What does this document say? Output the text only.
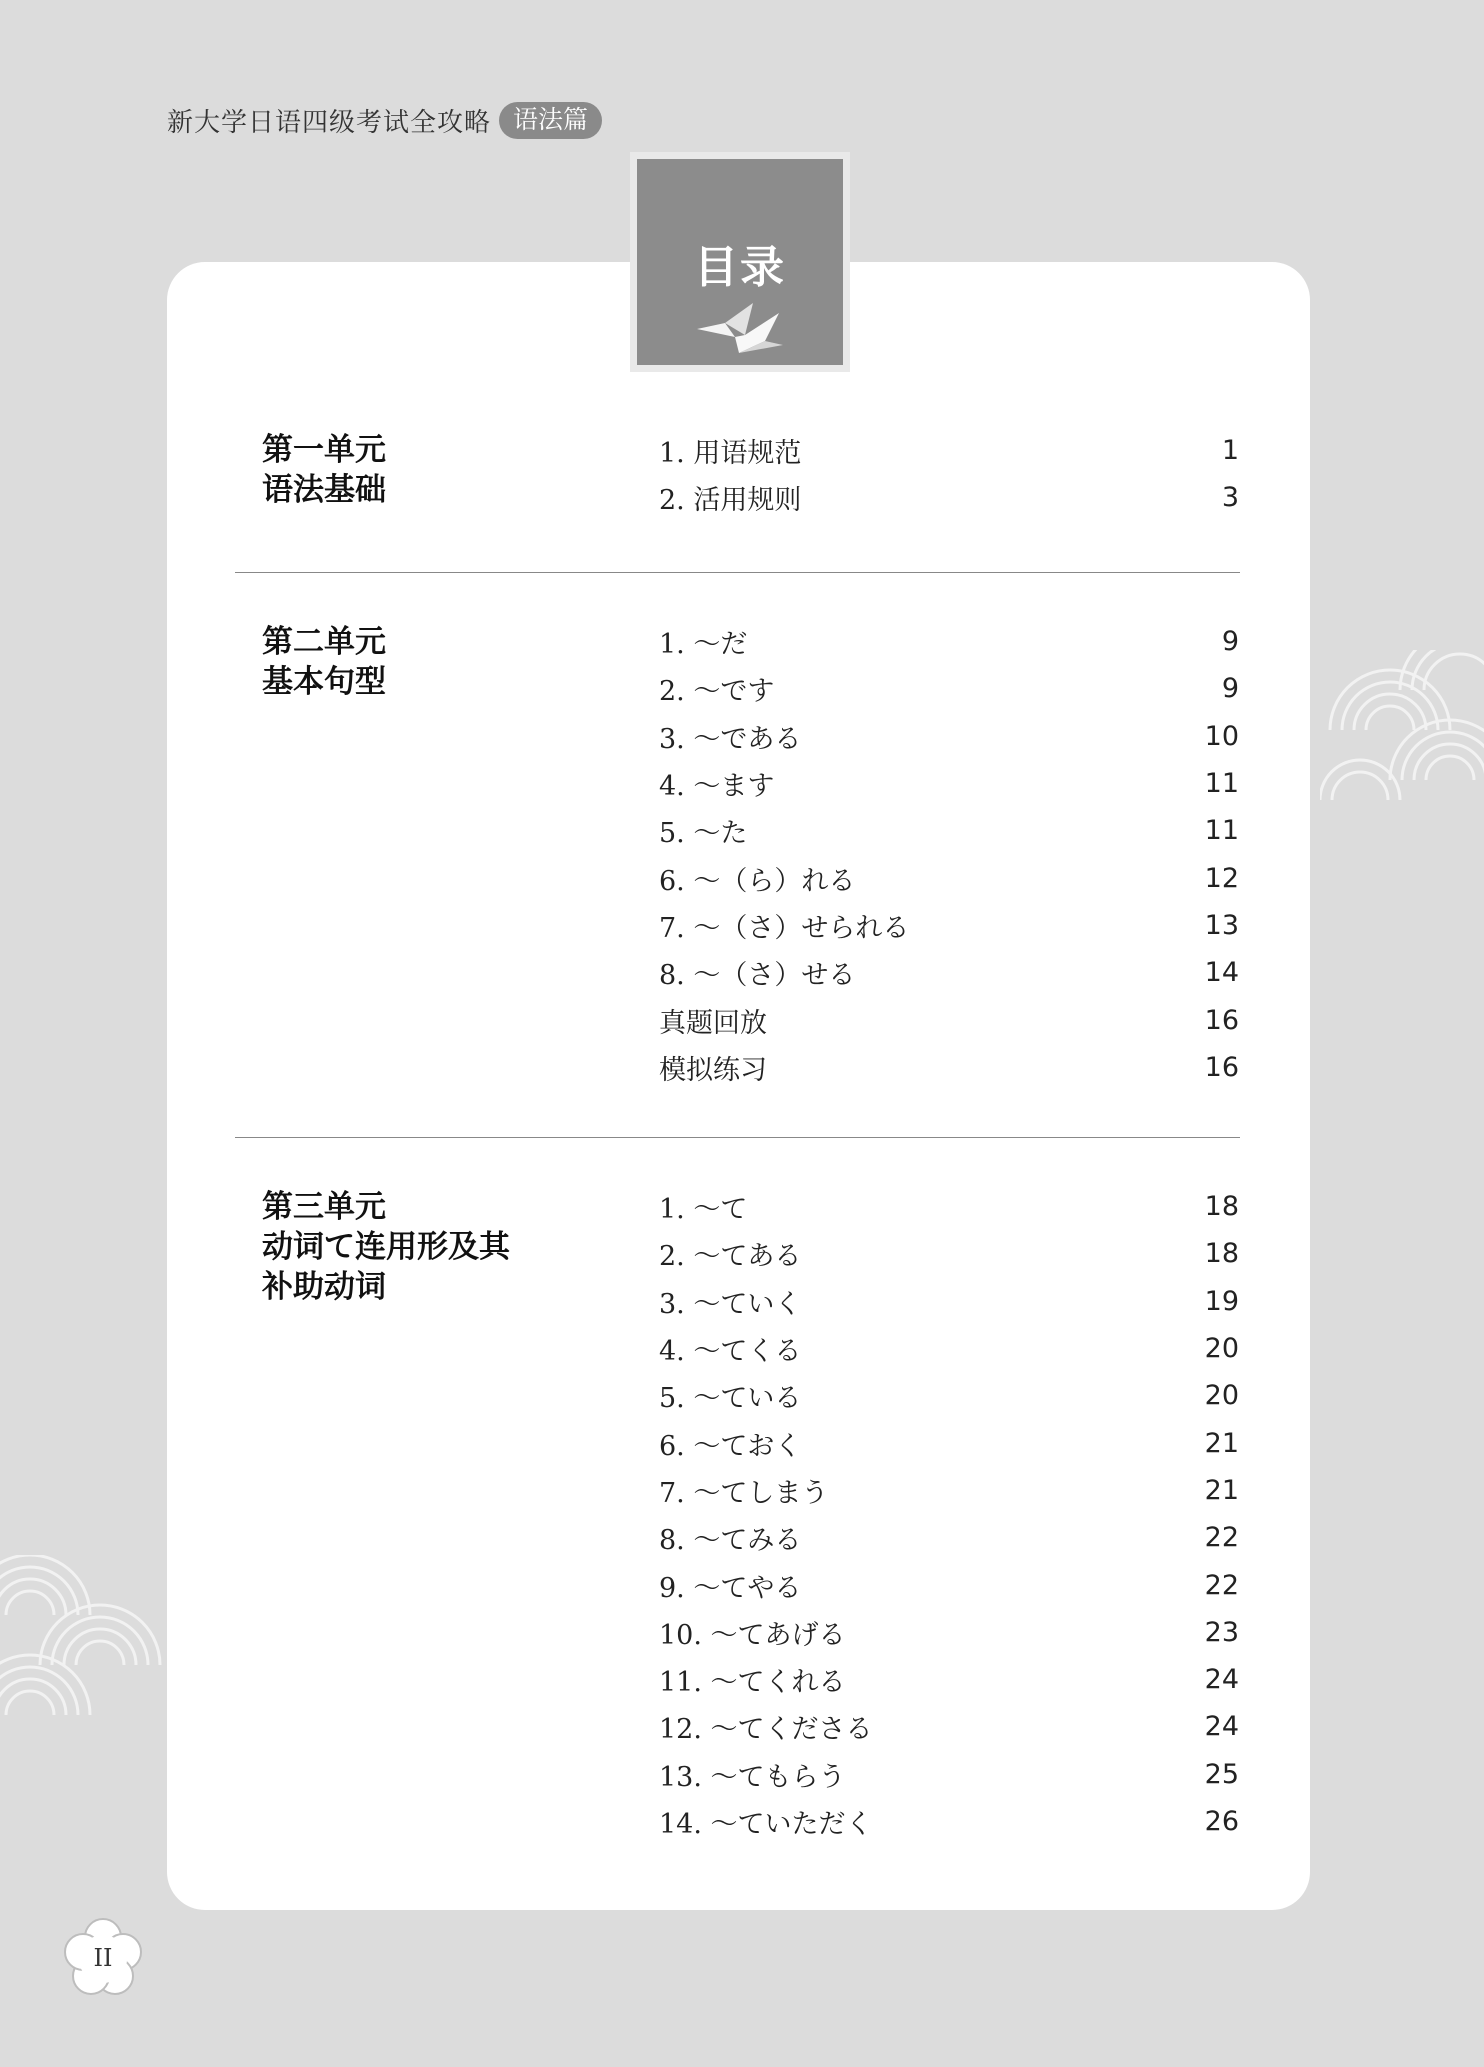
新大学日语四级考试全攻略 语法篇
目录
第一单元
语法基础
1. 用语规范	1
2. 活用规则	3
第二单元
基本句型
1. ～だ	9
2. ～です	9
3. ～である	10
4. ～ます	11
5. ～た	11
6. ～（ら）れる	12
7. ～（さ）せられる	13
8. ～（さ）せる	14
真题回放	16
模拟练习	16
第三单元
动词て连用形及其
补助动词
1. ～て	18
2. ～てある	18
3. ～ていく	19
4. ～てくる	20
5. ～ている	20
6. ～ておく	21
7. ～てしまう	21
8. ～てみる	22
9. ～てやる	22
10. ～てあげる	23
11. ～てくれる	24
12. ～てくださる	24
13. ～てもらう	25
14. ～ていただく	26
II
